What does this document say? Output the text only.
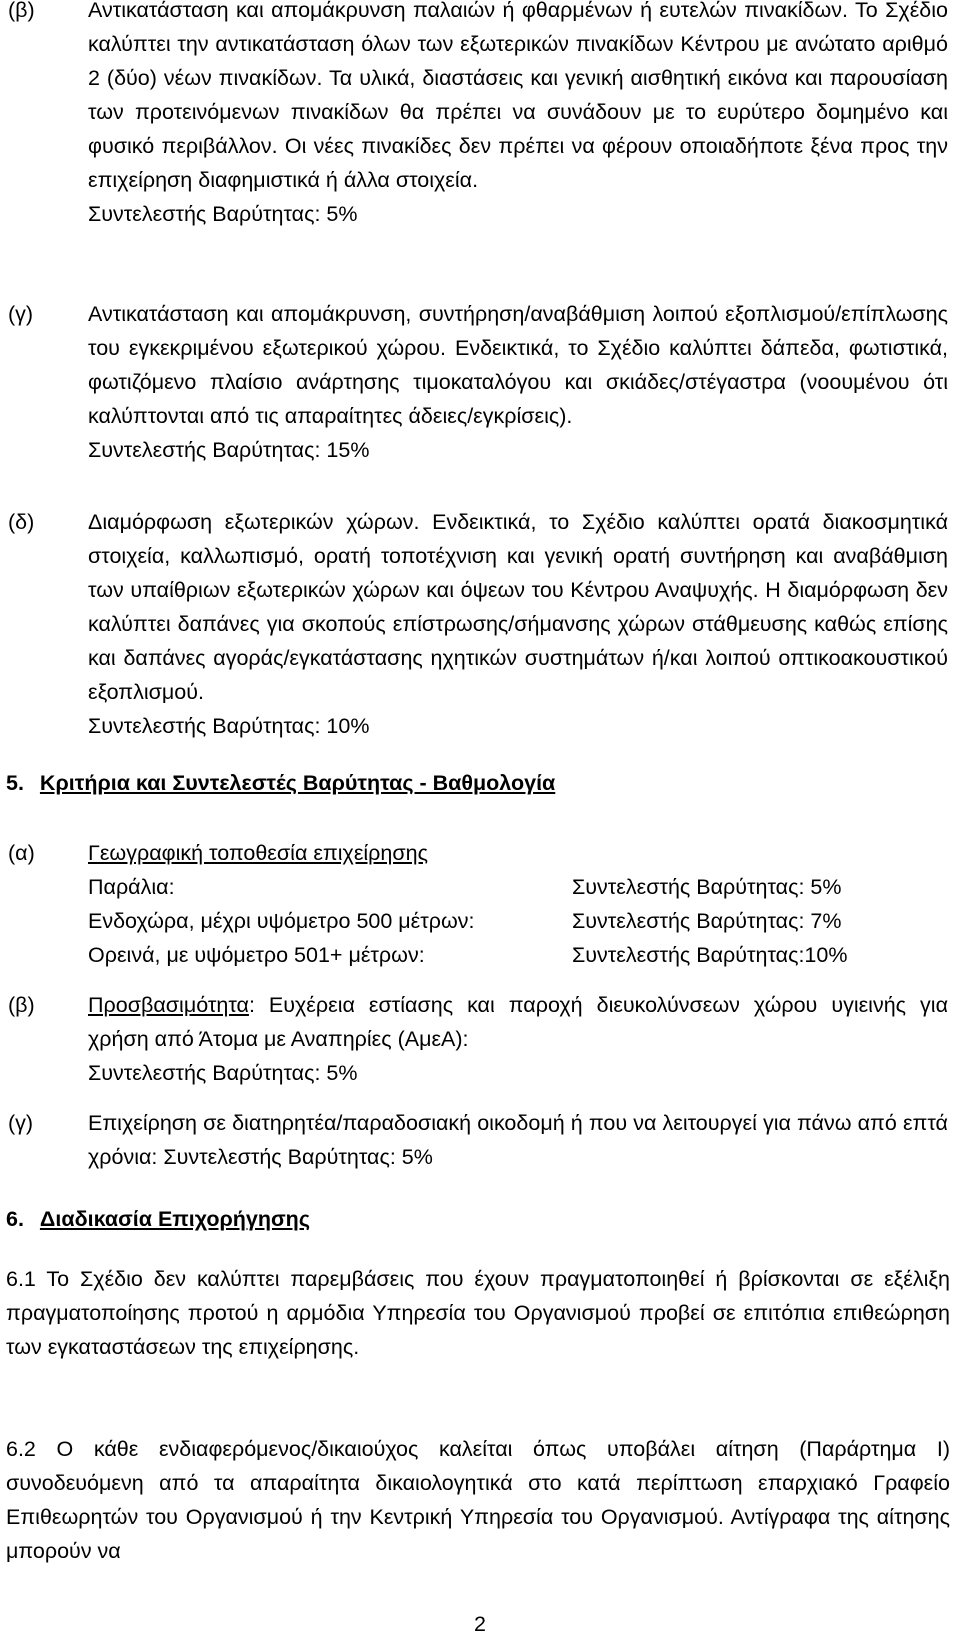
(β) Αντικατάσταση και απομάκρυνση παλαιών ή φθαρμένων ή ευτελών πινακίδων. Το Σχέδιο καλύπτει την αντικατάσταση όλων των εξωτερικών πινακίδων Κέντρου με ανώτατο αριθμό 2 (δύο) νέων πινακίδων. Τα υλικά, διαστάσεις και γενική αισθητική εικόνα και παρουσίαση των προτεινόμενων πινακίδων θα πρέπει να συνάδουν με το ευρύτερο δομημένο και φυσικό περιβάλλον. Οι νέες πινακίδες δεν πρέπει να φέρουν οποιαδήποτε ξένα προς την επιχείρηση διαφημιστικά ή άλλα στοιχεία.
Συντελεστής Βαρύτητας: 5%
(γ)	Αντικατάσταση και απομάκρυνση, συντήρηση/αναβάθμιση λοιπού εξοπλισμού/επίπλωσης του εγκεκριμένου εξωτερικού χώρου. Ενδεικτικά, το Σχέδιο καλύπτει δάπεδα, φωτιστικά, φωτιζόμενο πλαίσιο ανάρτησης τιμοκαταλόγου και σκιάδες/στέγαστρα (νοουμένου ότι καλύπτονται από τις απαραίτητες άδειες/εγκρίσεις).
Συντελεστής Βαρύτητας: 15%
(δ) Διαμόρφωση εξωτερικών χώρων. Ενδεικτικά, το Σχέδιο καλύπτει ορατά διακοσμητικά στοιχεία, καλλωπισμό, ορατή τοποτέχνιση και γενική ορατή συντήρηση και αναβάθμιση των υπαίθριων εξωτερικών χώρων και όψεων του Κέντρου Αναψυχής. Η διαμόρφωση δεν καλύπτει δαπάνες για σκοπούς επίστρωσης/σήμανσης χώρων στάθμευσης καθώς επίσης και δαπάνες αγοράς/εγκατάστασης ηχητικών συστημάτων ή/και λοιπού οπτικοακουστικού εξοπλισμού.
Συντελεστής Βαρύτητας: 10%
5. Κριτήρια και Συντελεστές Βαρύτητας - Βαθμολογία
(α) Γεωγραφική τοποθεσία επιχείρησης
Παράλια:	Συντελεστής Βαρύτητας: 5%
Ενδοχώρα, μέχρι υψόμετρο 500 μέτρων:	Συντελεστής Βαρύτητας: 7%
Ορεινά, με υψόμετρο 501+ μέτρων:	Συντελεστής Βαρύτητας:10%
(β) Προσβασιμότητα: Ευχέρεια εστίασης και παροχή διευκολύνσεων χώρου υγιεινής για χρήση από Άτομα με Αναπηρίες (ΑμεΑ):
Συντελεστής Βαρύτητας: 5%
(γ)	Επιχείρηση σε διατηρητέα/παραδοσιακή οικοδομή ή που να λειτουργεί για πάνω από επτά χρόνια: Συντελεστής Βαρύτητας: 5%
6. Διαδικασία Επιχορήγησης
6.1 Το Σχέδιο δεν καλύπτει παρεμβάσεις που έχουν πραγματοποιηθεί ή βρίσκονται σε εξέλιξη πραγματοποίησης προτού η αρμόδια Υπηρεσία του Οργανισμού προβεί σε επιτόπια επιθεώρηση των εγκαταστάσεων της επιχείρησης.
6.2 Ο κάθε ενδιαφερόμενος/δικαιούχος καλείται όπως υποβάλει αίτηση (Παράρτημα Ι) συνοδευόμενη από τα απαραίτητα δικαιολογητικά στο κατά περίπτωση επαρχιακό Γραφείο Επιθεωρητών του Οργανισμού ή την Κεντρική Υπηρεσία του Οργανισμού. Αντίγραφα της αίτησης μπορούν να
2
